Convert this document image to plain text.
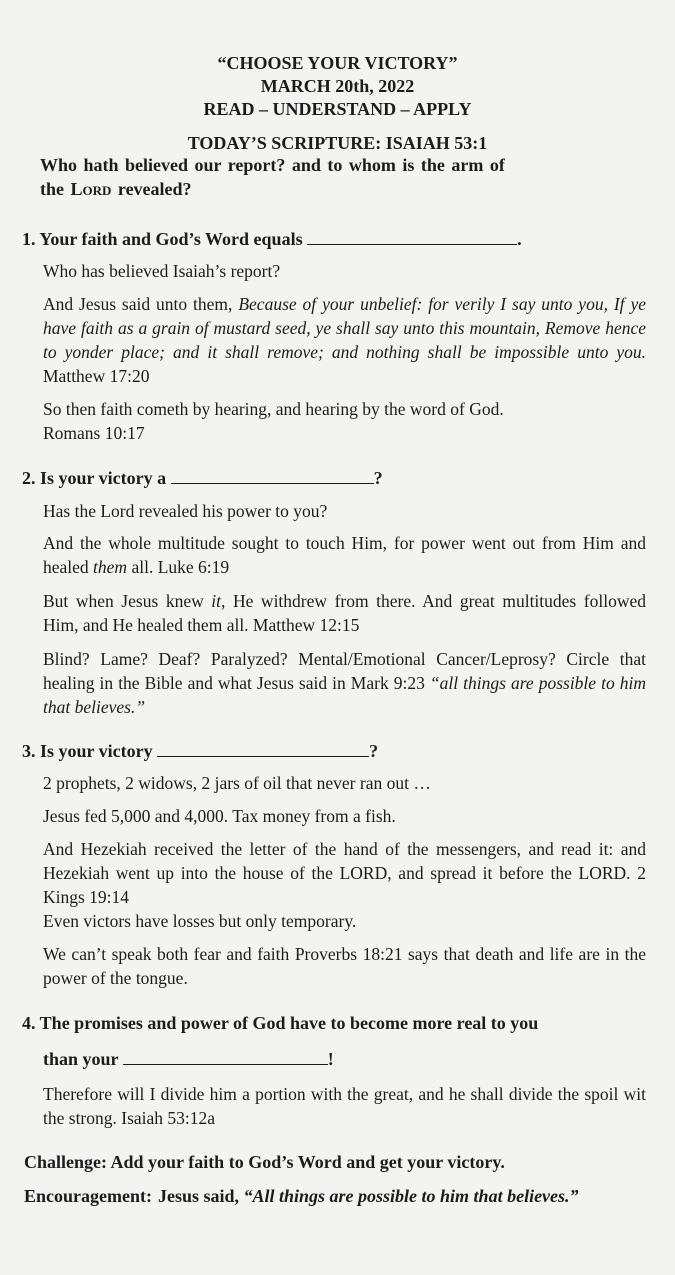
“CHOOSE YOUR VICTORY”
MARCH 20th, 2022
READ – UNDERSTAND – APPLY
TODAY’S SCRIPTURE: ISAIAH 53:1
Who hath believed our report? and to whom is the arm of
the Lord revealed?
1. Your faith and God’s Word equals	.
Who has believed Isaiah’s report?
And Jesus said unto them, Because of your unbelief: for verily I say unto you, If ye have faith as a grain of mustard seed, ye shall say unto this mountain, Remove hence to yonder place; and it shall remove; and nothing shall be impossible unto you. Matthew 17:20
So then faith cometh by hearing, and hearing by the word of God.
Romans 10:17
2. Is your victory a	?
Has the Lord revealed his power to you?
And the whole multitude sought to touch Him, for power went out from Him and healed them all. Luke 6:19
But when Jesus knew it, He withdrew from there. And great multitudes followed Him, and He healed them all. Matthew 12:15
Blind? Lame? Deaf? Paralyzed? Mental/Emotional Cancer/Leprosy? Circle that healing in the Bible and what Jesus said in Mark 9:23 “all things are possible to him that believes.”
3. Is your victory	?
2 prophets, 2 widows, 2 jars of oil that never ran out …
Jesus fed 5,000 and 4,000. Tax money from a fish.
And Hezekiah received the letter of the hand of the messengers, and read it: and Hezekiah went up into the house of the LORD, and spread it before the LORD. 2 Kings 19:14
Even victors have losses but only temporary.
We can’t speak both fear and faith Proverbs 18:21 says that death and life are in the power of the tongue.
4. The promises and power of God have to become more real to you
than your	!
Therefore will I divide him a portion with the great, and he shall divide the spoil wit the strong. Isaiah 53:12a
Challenge: Add your faith to God’s Word and get your victory.
Encouragement: Jesus said, “All things are possible to him that believes.”
